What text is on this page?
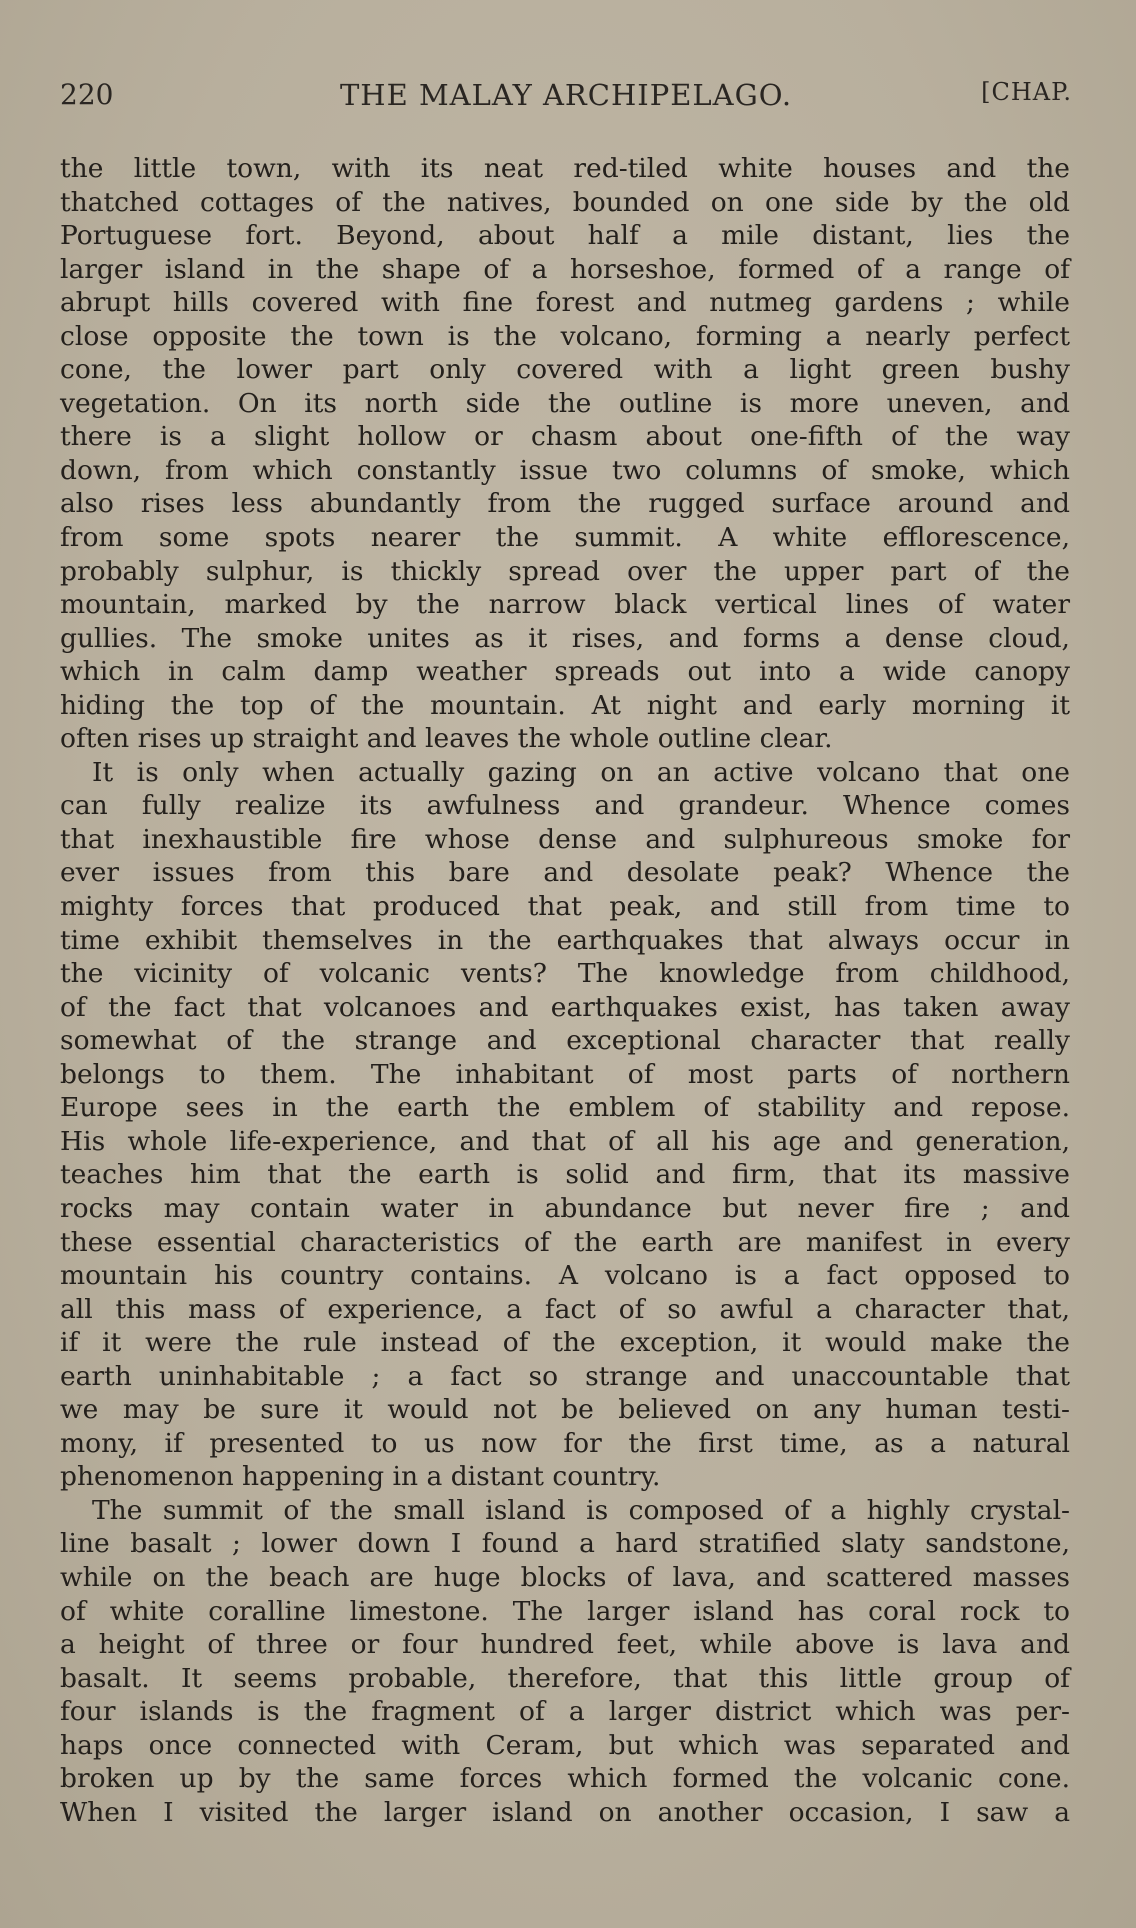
220	THE MALAY ARCHIPELAGO.	[CHAP.
the little town, with its neat red-tiled white houses and the
thatched cottages of the natives, bounded on one side by the old
Portuguese fort. Beyond, about half a mile distant, lies the
larger island in the shape of a horseshoe, formed of a range of
abrupt hills covered with fine forest and nutmeg gardens ; while
close opposite the town is the volcano, forming a nearly perfect
cone, the lower part only covered with a light green bushy
vegetation. On its north side the outline is more uneven, and
there is a slight hollow or chasm about one-fifth of the way
down, from which constantly issue two columns of smoke, which
also rises less abundantly from the rugged surface around and
from some spots nearer the summit. A white efflorescence,
probably sulphur, is thickly spread over the upper part of the
mountain, marked by the narrow black vertical lines of water
gullies. The smoke unites as it rises, and forms a dense cloud,
which in calm damp weather spreads out into a wide canopy
hiding the top of the mountain. At night and early morning it
often rises up straight and leaves the whole outline clear.
It is only when actually gazing on an active volcano that one
can fully realize its awfulness and grandeur. Whence comes
that inexhaustible fire whose dense and sulphureous smoke for
ever issues from this bare and desolate peak? Whence the
mighty forces that produced that peak, and still from time to
time exhibit themselves in the earthquakes that always occur in
the vicinity of volcanic vents? The knowledge from childhood,
of the fact that volcanoes and earthquakes exist, has taken away
somewhat of the strange and exceptional character that really
belongs to them. The inhabitant of most parts of northern
Europe sees in the earth the emblem of stability and repose.
His whole life-experience, and that of all his age and generation,
teaches him that the earth is solid and firm, that its massive
rocks may contain water in abundance but never fire ; and
these essential characteristics of the earth are manifest in every
mountain his country contains. A volcano is a fact opposed to
all this mass of experience, a fact of so awful a character that,
if it were the rule instead of the exception, it would make the
earth uninhabitable ; a fact so strange and unaccountable that
we may be sure it would not be believed on any human testi-
mony, if presented to us now for the first time, as a natural
phenomenon happening in a distant country.
The summit of the small island is composed of a highly crystal-
line basalt ; lower down I found a hard stratified slaty sandstone,
while on the beach are huge blocks of lava, and scattered masses
of white coralline limestone. The larger island has coral rock to
a height of three or four hundred feet, while above is lava and
basalt. It seems probable, therefore, that this little group of
four islands is the fragment of a larger district which was per-
haps once connected with Ceram, but which was separated and
broken up by the same forces which formed the volcanic cone.
When I visited the larger island on another occasion, I saw a
